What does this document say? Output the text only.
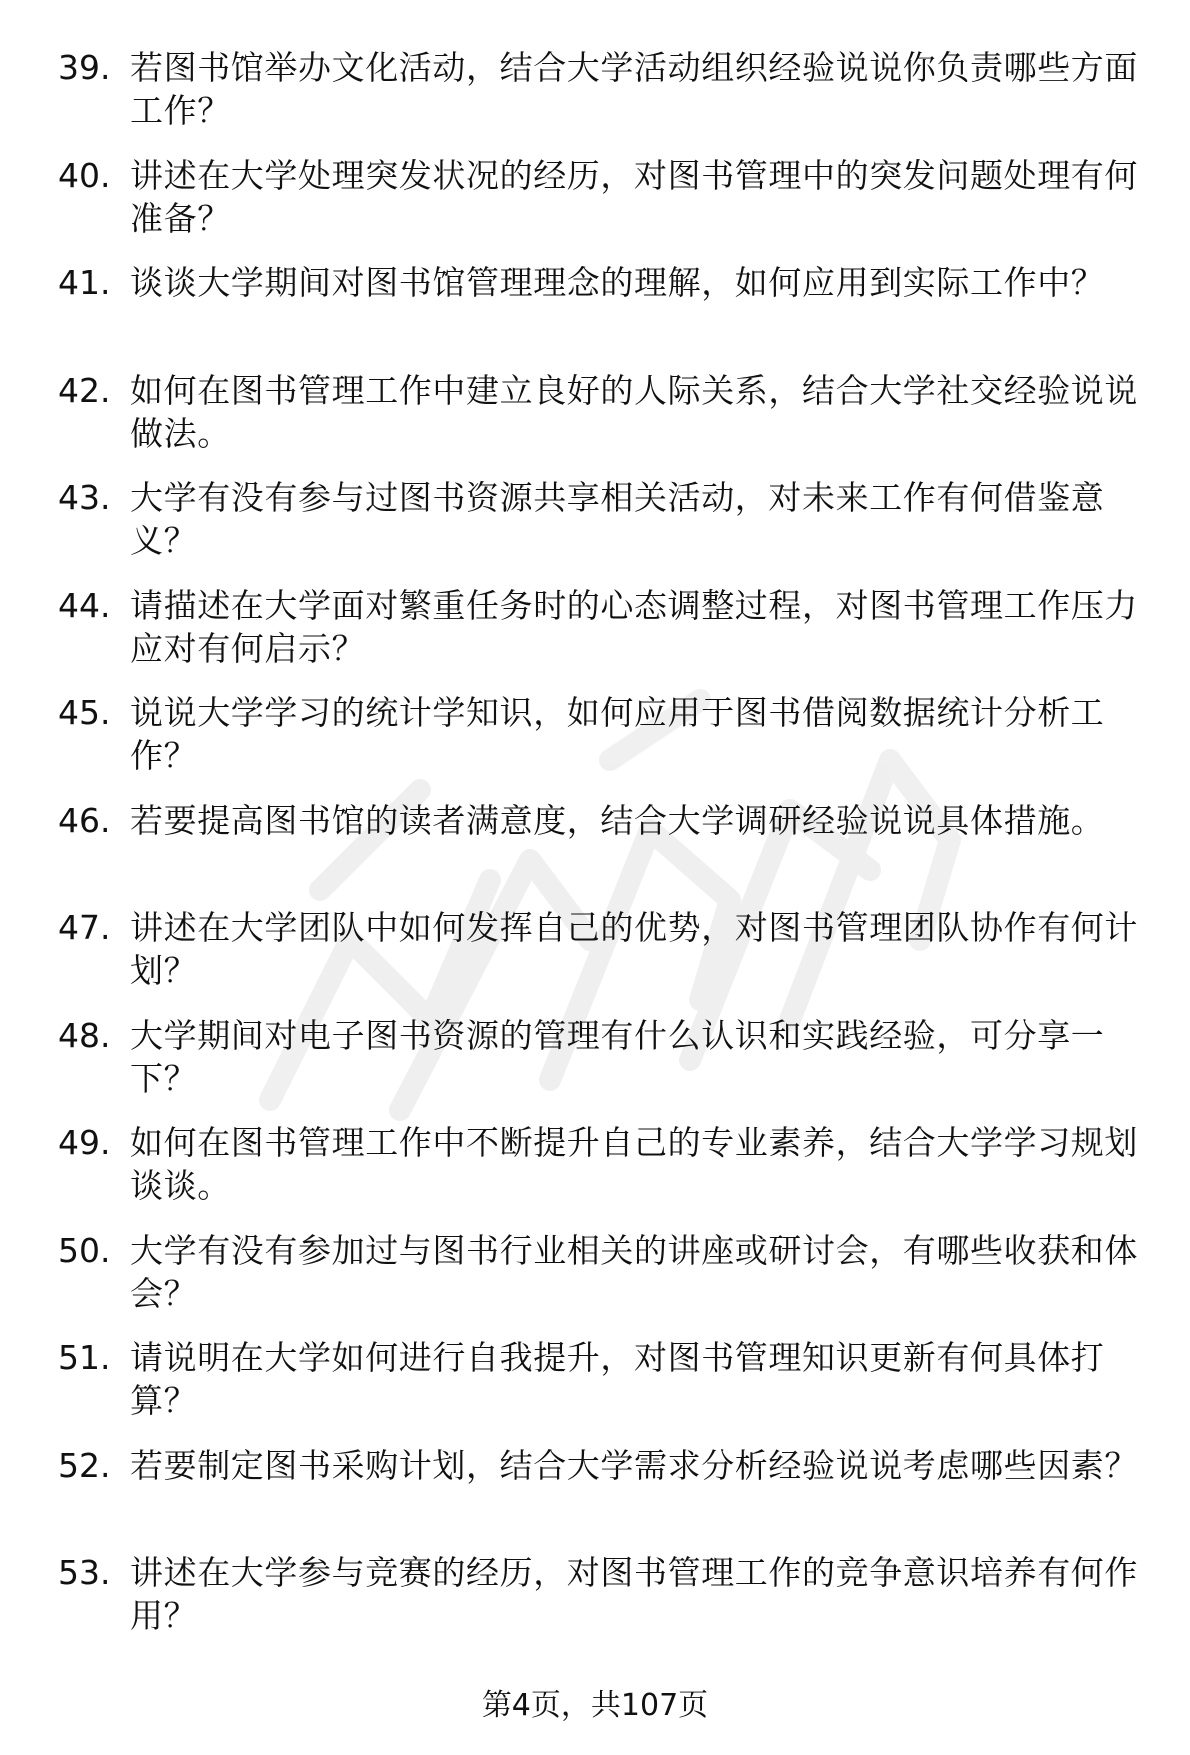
39. 若图书馆举办文化活动，结合大学活动组织经验说说你负责哪些方面工作？
40. 讲述在大学处理突发状况的经历，对图书管理中的突发问题处理有何准备？
41. 谈谈大学期间对图书馆管理理念的理解，如何应用到实际工作中？
42. 如何在图书管理工作中建立良好的人际关系，结合大学社交经验说说做法。
43. 大学有没有参与过图书资源共享相关活动，对未来工作有何借鉴意义？
44. 请描述在大学面对繁重任务时的心态调整过程，对图书管理工作压力应对有何启示？
45. 说说大学学习的统计学知识，如何应用于图书借阅数据统计分析工作？
46. 若要提高图书馆的读者满意度，结合大学调研经验说说具体措施。
47. 讲述在大学团队中如何发挥自己的优势，对图书管理团队协作有何计划？
48. 大学期间对电子图书资源的管理有什么认识和实践经验，可分享一下？
49. 如何在图书管理工作中不断提升自己的专业素养，结合大学学习规划谈谈。
50. 大学有没有参加过与图书行业相关的讲座或研讨会，有哪些收获和体会？
51. 请说明在大学如何进行自我提升，对图书管理知识更新有何具体打算？
52. 若要制定图书采购计划，结合大学需求分析经验说说考虑哪些因素？
53. 讲述在大学参与竞赛的经历，对图书管理工作的竞争意识培养有何作用？
第4页，共107页
